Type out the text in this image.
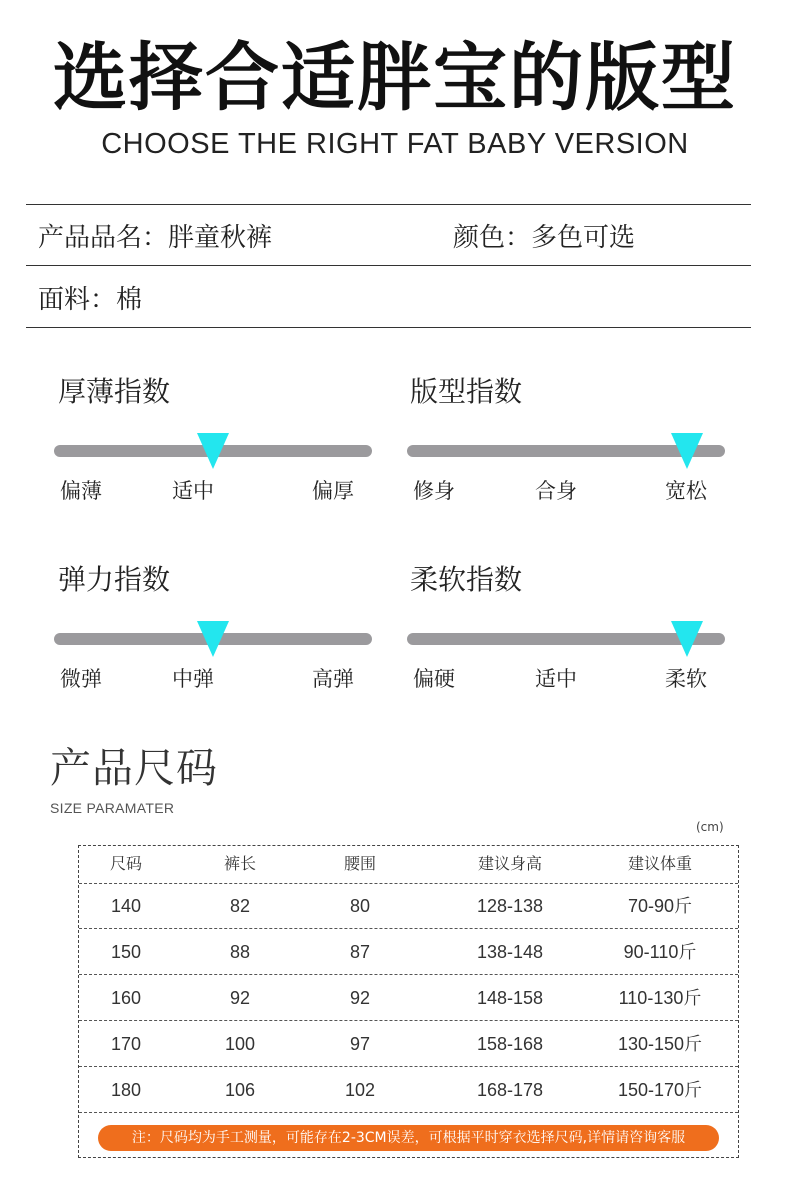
选择合适胖宝的版型
CHOOSE THE RIGHT FAT BABY VERSION
产品品名：胖童秋裤	颜色：多色可选
面料：棉
厚薄指数
偏薄	适中	偏厚
版型指数
修身	合身	宽松
弹力指数
微弹	中弹	高弹
柔软指数
偏硬	适中	柔软
产品尺码
SIZE PARAMATER
(cm)
尺码	裤长	腰围	建议身高	建议体重
140	82	80	128-138	70-90斤
150	88	87	138-148	90-110斤
160	92	92	148-158	110-130斤
170	100	97	158-168	130-150斤
180	106	102	168-178	150-170斤
注：尺码均为手工测量，可能存在2-3CM误差，可根据平时穿衣选择尺码,详情请咨询客服
